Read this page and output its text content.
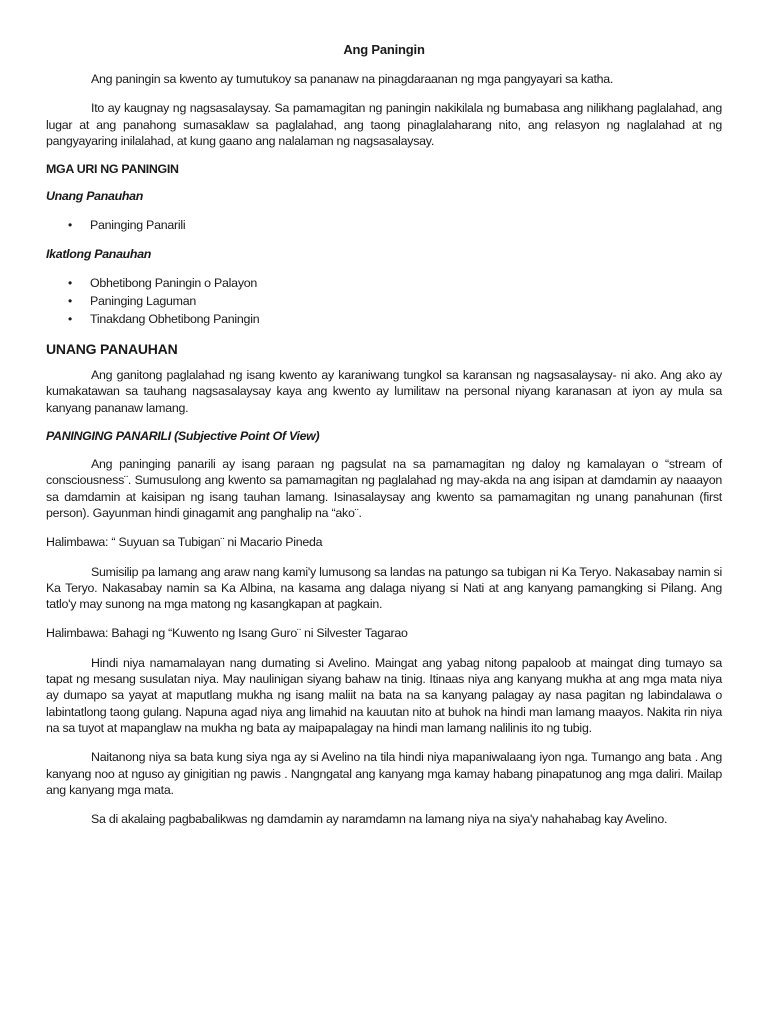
Ang Paningin

Ang paningin sa kwento ay tumutukoy sa pananaw na pinagdaraanan ng mga pangyayari sa katha.

Ito ay kaugnay ng nagsasalaysay. Sa pamamagitan ng paningin nakikilala ng bumabasa ang nilikhang paglalahad, ang lugar at ang panahong sumasaklaw sa paglalahad, ang taong pinaglalaharang nito, ang relasyon ng naglalahad at ng pangyayaring inilalahad, at kung gaano ang nalalaman ng nagsasalaysay.

MGA URI NG PANINGIN
Unang Panauhan
• Paninging Panarili
Ikatlong Panauhan
• Obhetibong Paningin o Palayon
• Paninging Laguman
• Tinakdang Obhetibong Paningin
UNANG PANAUHAN

Ang ganitong paglalahad ng isang kwento ay karaniwang tungkol sa karansan ng nagsasalaysay- ni ako. Ang ako ay kumakatawan sa tauhang nagsasalaysay kaya ang kwento ay lumilitaw na personal niyang karanasan at iyon ay mula sa kanyang pananaw lamang.

PANINGING PANARILI (Subjective Point Of View)

Ang paninging panarili ay isang paraan ng pagsulat na sa pamamagitan ng daloy ng kamalayan o “stream of consciousness¨. Sumusulong ang kwento sa pamamagitan ng paglalahad ng may-akda na ang isipan at damdamin ay naaayon sa damdamin at kaisipan ng isang tauhan lamang. Isinasalaysay ang kwento sa pamamagitan ng unang panahunan (first person). Gayunman hindi ginagamit ang panghalip na “ako¨.

Halimbawa: “ Suyuan sa Tubigan¨ ni Macario Pineda

Sumisilip pa lamang ang araw nang kami'y lumusong sa landas na patungo sa tubigan ni Ka Teryo. Nakasabay namin si Ka Teryo. Nakasabay namin sa Ka Albina, na kasama ang dalaga niyang si Nati at ang kanyang pamangking si Pilang. Ang tatlo'y may sunong na mga matong ng kasangkapan at pagkain.

Halimbawa: Bahagi ng “Kuwento ng Isang Guro¨ ni Silvester Tagarao

Hindi niya namamalayan nang dumating si Avelino. Maingat ang yabag nitong papaloob at maingat ding tumayo sa tapat ng mesang susulatan niya. May naulinigan siyang bahaw na tinig. Itinaas niya ang kanyang mukha at ang mga mata niya ay dumapo sa yayat at maputlang mukha ng isang maliit na bata na sa kanyang palagay ay nasa pagitan ng labindalawa o labintatlong taong gulang. Napuna agad niya ang limahid na kauutan nito at buhok na hindi man lamang maayos. Nakita rin niya na sa tuyot at mapanglaw na mukha ng bata ay maipapalagay na hindi man lamang nalilinis ito ng tubig.

Naitanong niya sa bata kung siya nga ay si Avelino na tila hindi niya mapaniwalaang iyon nga. Tumango ang bata . Ang kanyang noo at nguso ay ginigitian ng pawis . Nangngatal ang kanyang mga kamay habang pinapatunog ang mga daliri. Mailap ang kanyang mga mata.

Sa di akalaing pagbabalikwas ng damdamin ay naramdamn na lamang niya na siya'y nahahabag kay Avelino.
